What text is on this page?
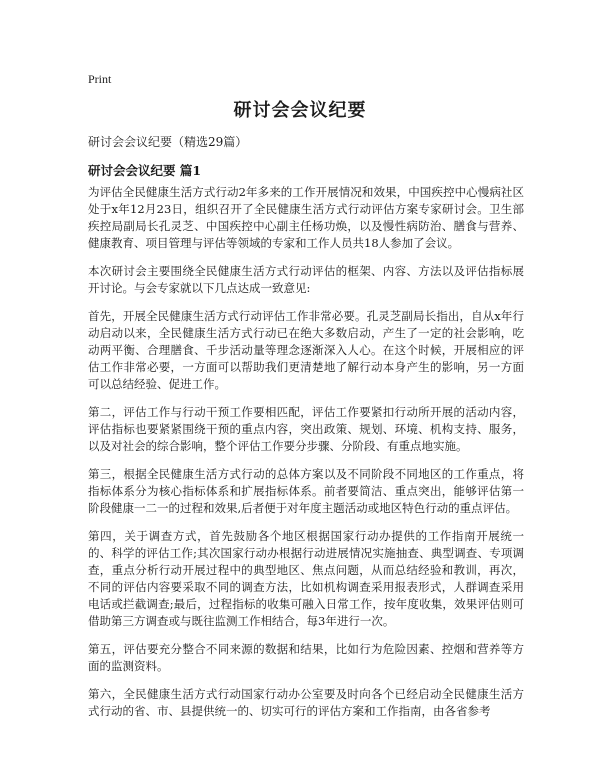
Print
研讨会会议纪要
研讨会会议纪要（精选29篇）
研讨会会议纪要 篇1

为评估全民健康生活方式行动2年多来的工作开展情况和效果，中国疾控中心慢病社区处于x年12月23日，组织召开了全民健康生活方式行动评估方案专家研讨会。卫生部疾控局副局长孔灵芝、中国疾控中心副主任杨功焕，以及慢性病防治、膳食与营养、健康教育、项目管理与评估等领域的专家和工作人员共18人参加了会议。

本次研讨会主要围绕全民健康生活方式行动评估的框架、内容、方法以及评估指标展开讨论。与会专家就以下几点达成一致意见:

首先，开展全民健康生活方式行动评估工作非常必要。孔灵芝副局长指出，自从x年行动启动以来，全民健康生活方式行动已在绝大多数启动，产生了一定的社会影响，吃动两平衡、合理膳食、千步活动量等理念逐渐深入人心。在这个时候，开展相应的评估工作非常必要，一方面可以帮助我们更清楚地了解行动本身产生的影响，另一方面可以总结经验、促进工作。

第二，评估工作与行动干预工作要相匹配，评估工作要紧扣行动所开展的活动内容，评估指标也要紧紧围绕干预的重点内容，突出政策、规划、环境、机构支持、服务，以及对社会的综合影响，整个评估工作要分步骤、分阶段、有重点地实施。

第三，根据全民健康生活方式行动的总体方案以及不同阶段不同地区的工作重点，将指标体系分为核心指标体系和扩展指标体系。前者要简洁、重点突出，能够评估第一阶段健康一二一的过程和效果,后者便于对年度主题活动或地区特色行动的重点评估。

第四，关于调查方式，首先鼓励各个地区根据国家行动办提供的工作指南开展统一的、科学的评估工作;其次国家行动办根据行动进展情况实施抽查、典型调查、专项调查，重点分析行动开展过程中的典型地区、焦点问题，从而总结经验和教训，再次，不同的评估内容要采取不同的调查方法，比如机构调查采用报表形式，人群调查采用电话或拦截调查;最后，过程指标的收集可融入日常工作，按年度收集，效果评估则可借助第三方调查或与既往监测工作相结合，每3年进行一次。

第五，评估要充分整合不同来源的数据和结果，比如行为危险因素、控烟和营养等方面的监测资料。

第六，全民健康生活方式行动国家行动办公室要及时向各个已经启动全民健康生活方式行动的省、市、县提供统一的、切实可行的评估方案和工作指南，由各省参考
